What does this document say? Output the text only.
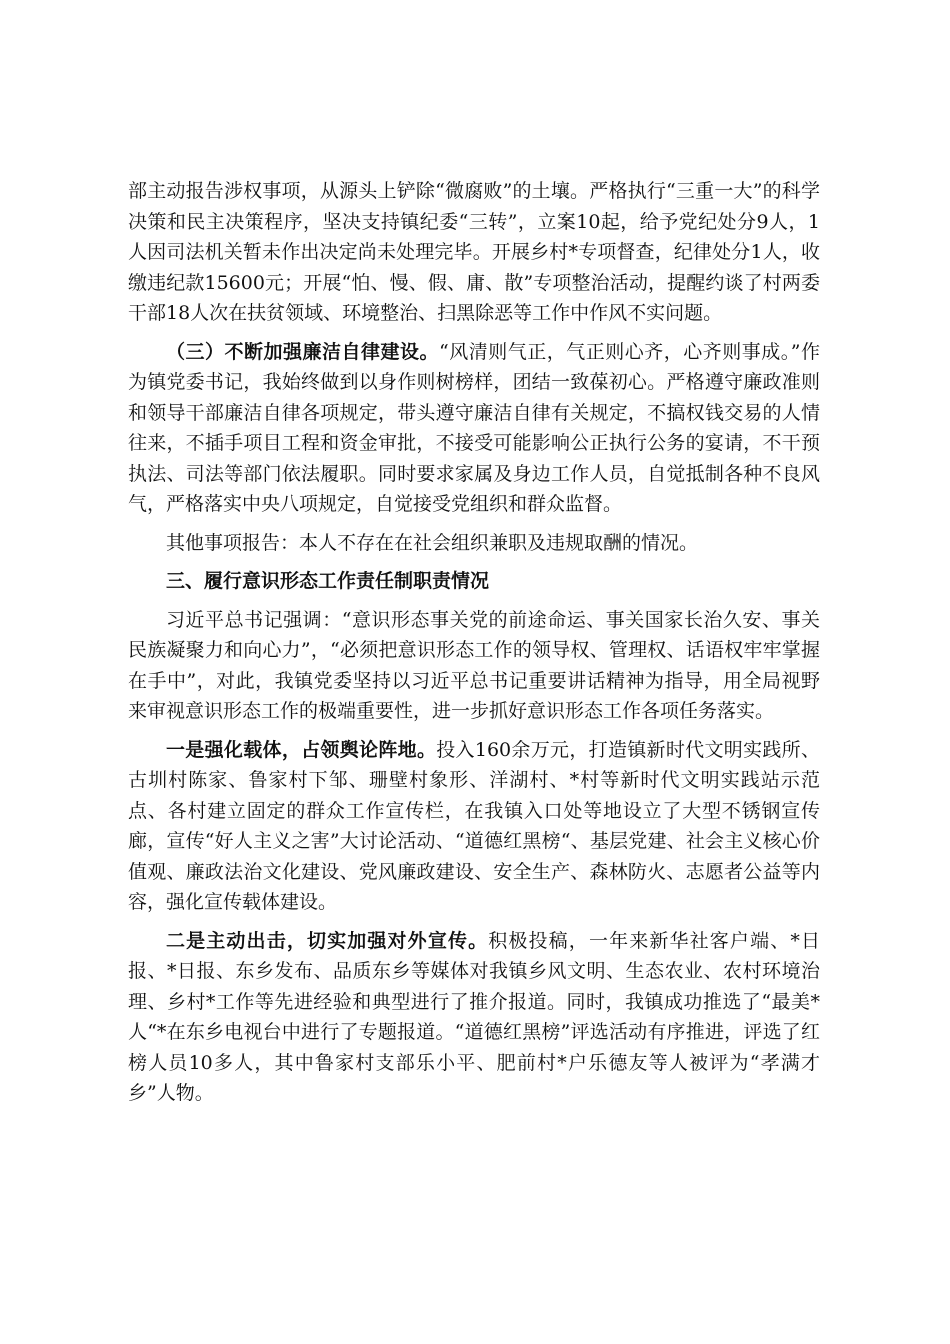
部主动报告涉权事项，从源头上铲除“微腐败”的土壤。严格执行“三重一大”的科学决策和民主决策程序，坚决支持镇纪委“三转”，立案10起，给予党纪处分9人，1人因司法机关暂未作出决定尚未处理完毕。开展乡村*专项督查，纪律处分1人，收缴违纪款15600元；开展“怕、慢、假、庸、散”专项整治活动，提醒约谈了村两委干部18人次在扶贫领域、环境整治、扫黑除恶等工作中作风不实问题。

（三）不断加强廉洁自律建设。“风清则气正，气正则心齐，心齐则事成。”作为镇党委书记，我始终做到以身作则树榜样，团结一致葆初心。严格遵守廉政准则和领导干部廉洁自律各项规定，带头遵守廉洁自律有关规定，不搞权钱交易的人情往来，不插手项目工程和资金审批，不接受可能影响公正执行公务的宴请，不干预执法、司法等部门依法履职。同时要求家属及身边工作人员，自觉抵制各种不良风气，严格落实中央八项规定，自觉接受党组织和群众监督。

其他事项报告：本人不存在在社会组织兼职及违规取酬的情况。

三、履行意识形态工作责任制职责情况

习近平总书记强调：“意识形态事关党的前途命运、事关国家长治久安、事关民族凝聚力和向心力”，“必须把意识形态工作的领导权、管理权、话语权牢牢掌握在手中”，对此，我镇党委坚持以习近平总书记重要讲话精神为指导，用全局视野来审视意识形态工作的极端重要性，进一步抓好意识形态工作各项任务落实。

一是强化载体，占领舆论阵地。投入160余万元，打造镇新时代文明实践所、古圳村陈家、鲁家村下邹、珊壁村象形、洋湖村、*村等新时代文明实践站示范点、各村建立固定的群众工作宣传栏，在我镇入口处等地设立了大型不锈钢宣传廊，宣传“好人主义之害”大讨论活动、“道德红黑榜“、基层党建、社会主义核心价值观、廉政法治文化建设、党风廉政建设、安全生产、森林防火、志愿者公益等内容，强化宣传载体建设。

二是主动出击，切实加强对外宣传。积极投稿，一年来新华社客户端、*日报、*日报、东乡发布、品质东乡等媒体对我镇乡风文明、生态农业、农村环境治理、乡村*工作等先进经验和典型进行了推介报道。同时，我镇成功推选了“最美*人“*在东乡电视台中进行了专题报道。“道德红黑榜”评选活动有序推进，评选了红榜人员10多人，其中鲁家村支部乐小平、肥前村*户乐德友等人被评为“孝满才乡”人物。
